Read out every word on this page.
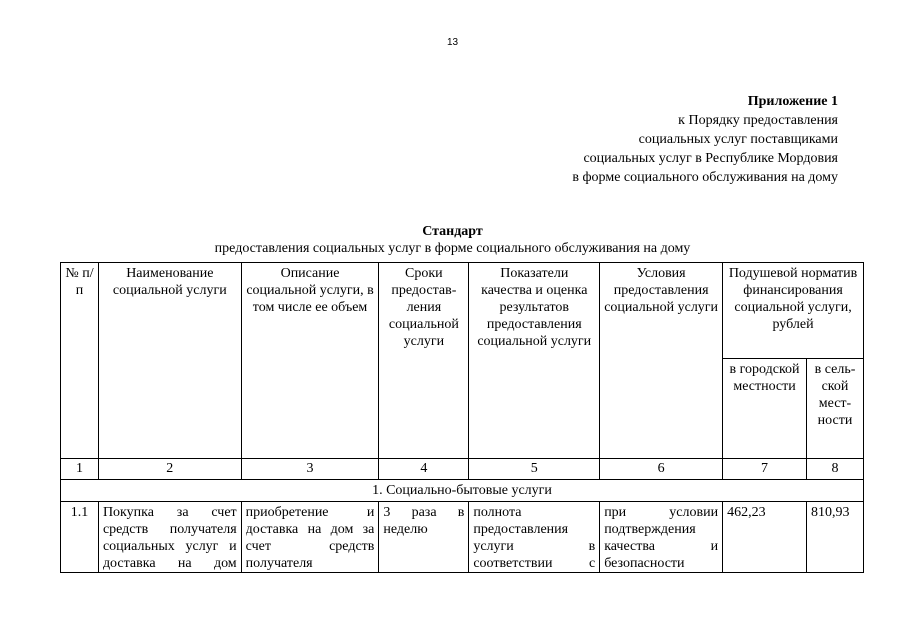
13
Приложение 1
к Порядку предоставления
социальных услуг поставщиками
социальных услуг в Республике Мордовия
в форме социального обслуживания на дому
Стандарт
предоставления социальных услуг в форме социального обслуживания на дому
№ п/п	Наименование социальной услуги	Описание социальной услуги, в том числе ее объем	Сроки предостав-ления социальной услуги	Показатели качества и оценка результатов предоставления социальной услуги	Условия предоставления социальной услуги	Подушевой норматив финансирования социальной услуги, рублей	
						в городской местности	в сель-ской мест-ности
1	2	3	4	5	6	7	8
1. Социально-бытовые услуги							

1.1	Покупка за счет средств получателя социальных услуг и доставка на дом	приобретение и доставка на дом за счет средств получателя	3 раза в неделю	полнота предоставления услуги в соответствии с	при условии подтверждения качества и безопасности	462,23	810,93
